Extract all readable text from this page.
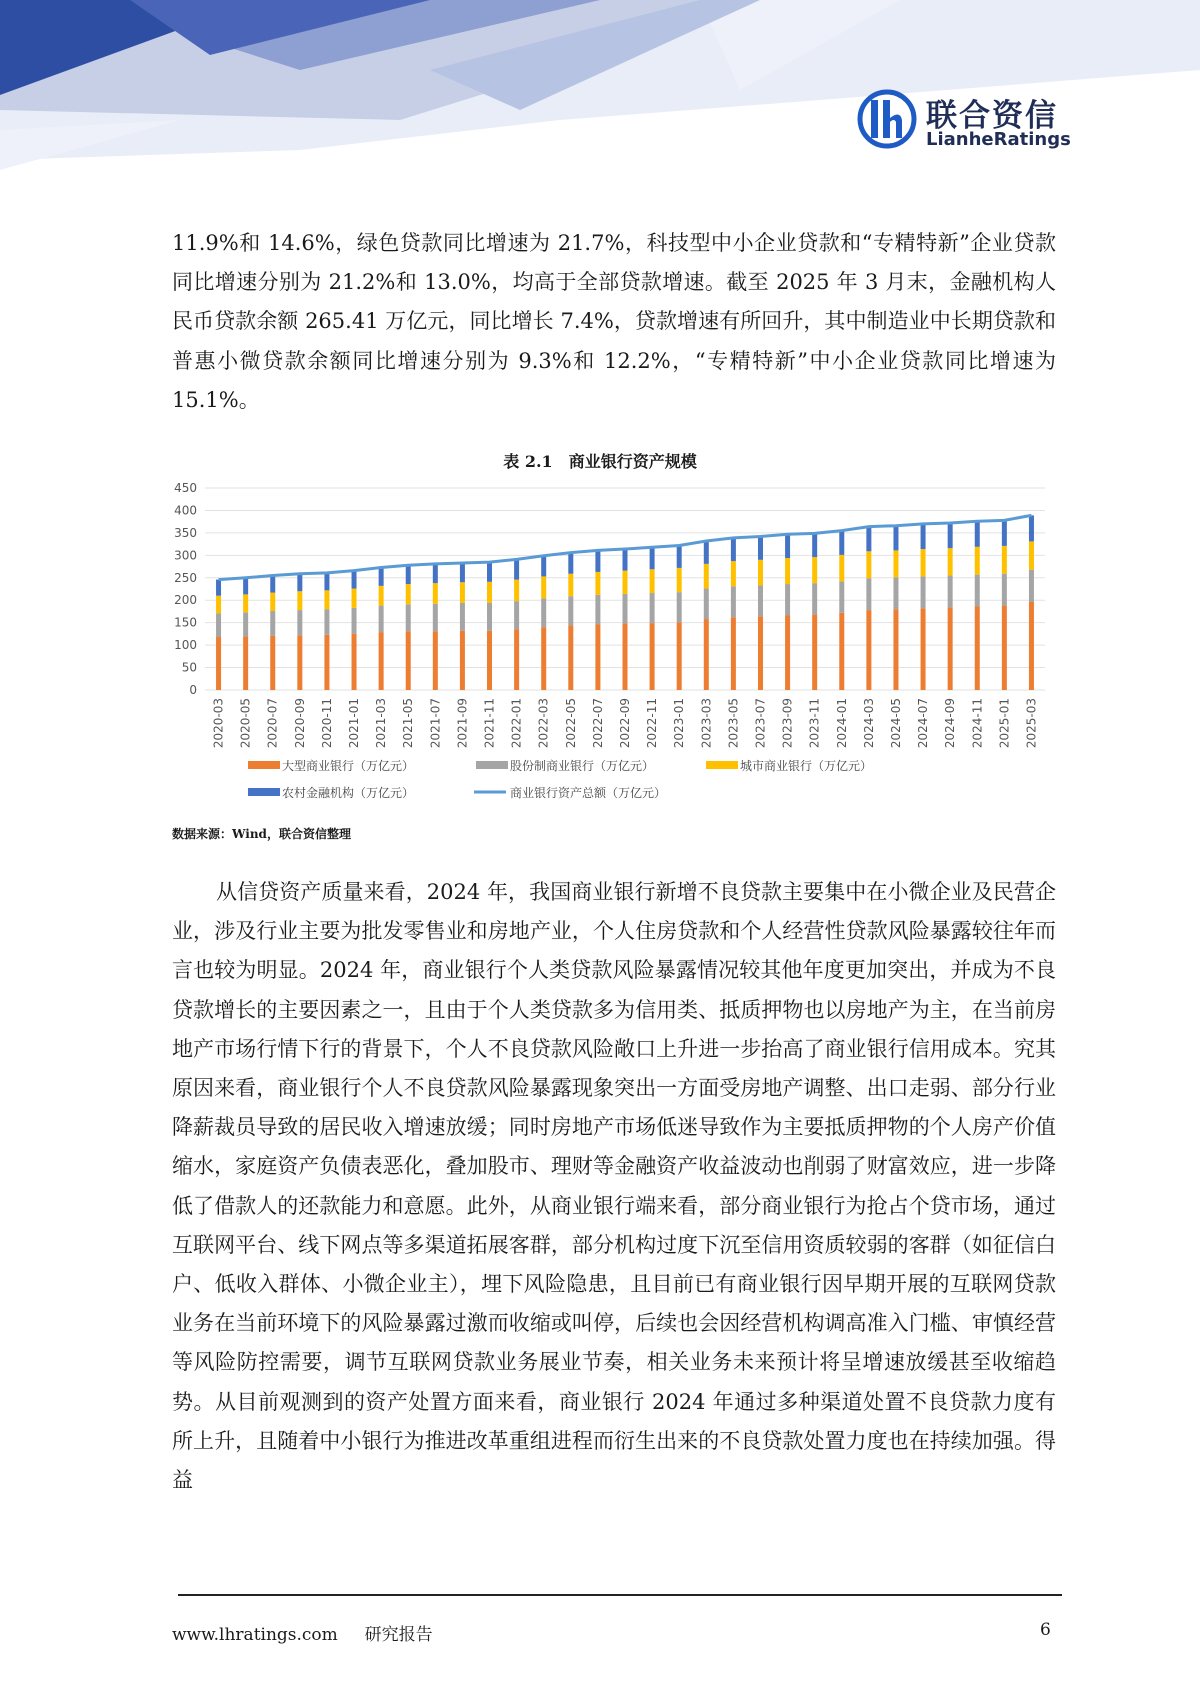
联合资信
LianheRatings

11.9%和 14.6%，绿色贷款同比增速为 21.7%，科技型中小企业贷款和“专精特新”企业贷款同比增速分别为 21.2%和 13.0%，均高于全部贷款增速。截至 2025 年 3 月末，金融机构人民币贷款余额 265.41 万亿元，同比增长 7.4%，贷款增速有所回升，其中制造业中长期贷款和普惠小微贷款余额同比增速分别为 9.3%和 12.2%，“专精特新”中小企业贷款同比增速为 15.1%。

表 2.1　商业银行资产规模
0
50
100
150
200
250
300
350
400
450
2020-03 2020-05 2020-07 2020-09 2020-11 2021-01 2021-03 2021-05 2021-07 2021-09 2021-11 2022-01 2022-03 2022-05 2022-07 2022-09 2022-11 2023-01 2023-03 2023-05 2023-07 2023-09 2023-11 2024-01 2024-03 2024-05 2024-07 2024-09 2024-11 2025-01 2025-03
大型商业银行（万亿元）	股份制商业银行（万亿元）	城市商业银行（万亿元）
农村金融机构（万亿元）	商业银行资产总额（万亿元）
数据来源：Wind，联合资信整理

从信贷资产质量来看，2024 年，我国商业银行新增不良贷款主要集中在小微企业及民营企业，涉及行业主要为批发零售业和房地产业，个人住房贷款和个人经营性贷款风险暴露较往年而言也较为明显。2024 年，商业银行个人类贷款风险暴露情况较其他年度更加突出，并成为不良贷款增长的主要因素之一，且由于个人类贷款多为信用类、抵质押物也以房地产为主，在当前房地产市场行情下行的背景下，个人不良贷款风险敞口上升进一步抬高了商业银行信用成本。究其原因来看，商业银行个人不良贷款风险暴露现象突出一方面受房地产调整、出口走弱、部分行业降薪裁员导致的居民收入增速放缓；同时房地产市场低迷导致作为主要抵质押物的个人房产价值缩水，家庭资产负债表恶化，叠加股市、理财等金融资产收益波动也削弱了财富效应，进一步降低了借款人的还款能力和意愿。此外，从商业银行端来看，部分商业银行为抢占个贷市场，通过互联网平台、线下网点等多渠道拓展客群，部分机构过度下沉至信用资质较弱的客群（如征信白户、低收入群体、小微企业主），埋下风险隐患，且目前已有商业银行因早期开展的互联网贷款业务在当前环境下的风险暴露过激而收缩或叫停，后续也会因经营机构调高准入门槛、审慎经营等风险防控需要，调节互联网贷款业务展业节奏，相关业务未来预计将呈增速放缓甚至收缩趋势。从目前观测到的资产处置方面来看，商业银行 2024 年通过多种渠道处置不良贷款力度有所上升，且随着中小银行为推进改革重组进程而衍生出来的不良贷款处置力度也在持续加强。得益

www.lhratings.com 研究报告	6
